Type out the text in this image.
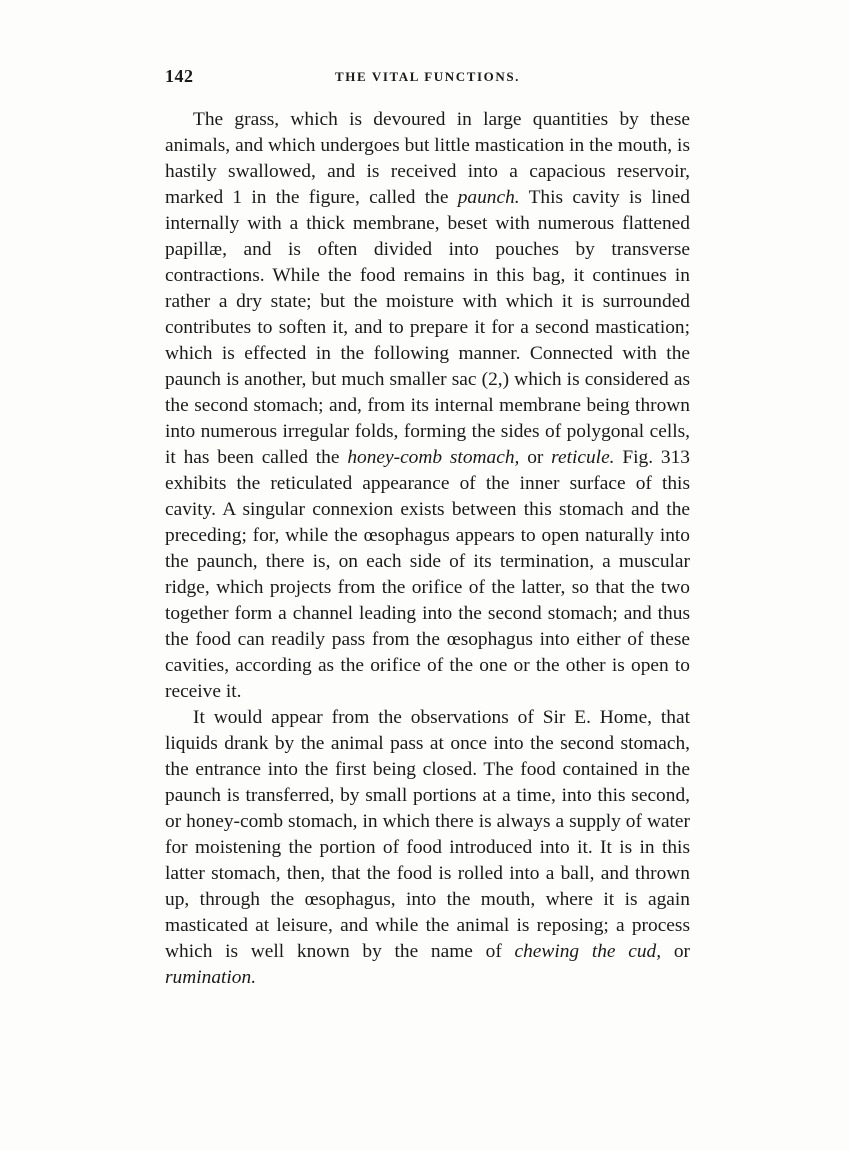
142	THE VITAL FUNCTIONS.

The grass, which is devoured in large quantities by these animals, and which undergoes but little mastication in the mouth, is hastily swallowed, and is received into a capacious reservoir, marked 1 in the figure, called the paunch. This cavity is lined internally with a thick membrane, beset with numerous flattened papillæ, and is often divided into pouches by transverse contractions. While the food remains in this bag, it continues in rather a dry state; but the moisture with which it is surrounded contributes to soften it, and to prepare it for a second mastication; which is effected in the following manner. Connected with the paunch is another, but much smaller sac (2,) which is considered as the second stomach; and, from its internal membrane being thrown into numerous irregular folds, forming the sides of polygonal cells, it has been called the honey-comb stomach, or reticule. Fig. 313 exhibits the reticulated appearance of the inner surface of this cavity. A singular connexion exists between this stomach and the preceding; for, while the œsophagus appears to open naturally into the paunch, there is, on each side of its termination, a muscular ridge, which projects from the orifice of the latter, so that the two together form a channel leading into the second stomach; and thus the food can readily pass from the œsophagus into either of these cavities, according as the orifice of the one or the other is open to receive it.

It would appear from the observations of Sir E. Home, that liquids drank by the animal pass at once into the second stomach, the entrance into the first being closed. The food contained in the paunch is transferred, by small portions at a time, into this second, or honey-comb stomach, in which there is always a supply of water for moistening the portion of food introduced into it. It is in this latter stomach, then, that the food is rolled into a ball, and thrown up, through the œsophagus, into the mouth, where it is again masticated at leisure, and while the animal is reposing; a process which is well known by the name of chewing the cud, or rumination.
